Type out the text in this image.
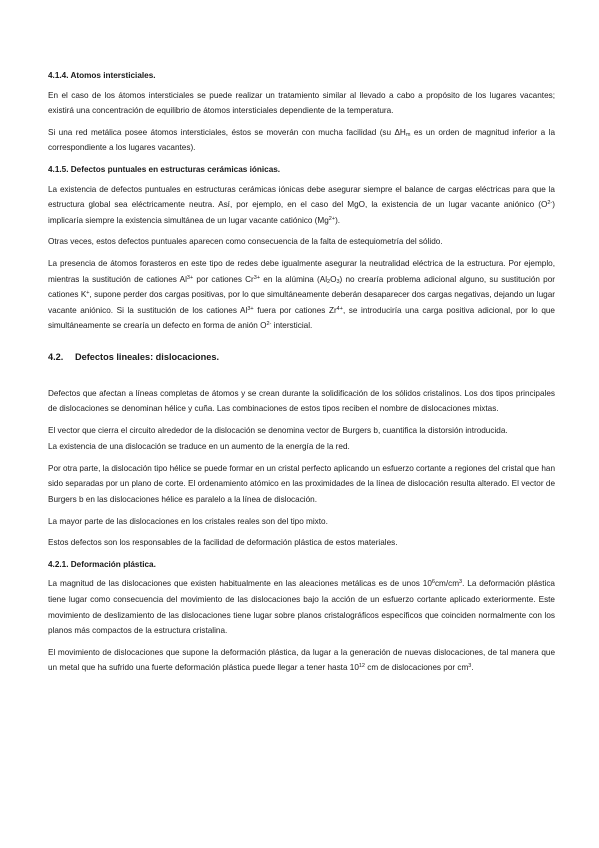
4.1.4. Atomos intersticiales.

En el caso de los átomos intersticiales se puede realizar un tratamiento similar al llevado a cabo a propósito de los lugares vacantes; existirá una concentración de equilibrio de átomos intersticiales dependiente de la temperatura.

Si una red metálica posee átomos intersticiales, éstos se moverán con mucha facilidad (su $\Delta H_m$ es un orden de magnitud inferior a la correspondiente a los lugares vacantes).

4.1.5. Defectos puntuales en estructuras cerámicas iónicas.

La existencia de defectos puntuales en estructuras cerámicas iónicas debe asegurar siempre el balance de cargas eléctricas para que la estructura global sea eléctricamente neutra. Así, por ejemplo, en el caso del MgO, la existencia de un lugar vacante aniónico $(O^{2-})$ implicaría siempre la existencia simultánea de un lugar vacante catiónico $(Mg^{2+})$.

Otras veces, estos defectos puntuales aparecen como consecuencia de la falta de estequiometría del sólido.

La presencia de átomos forasteros en este tipo de redes debe igualmente asegurar la neutralidad eléctrica de la estructura. Por ejemplo, mientras la sustitución de cationes $Al^{3+}$ por cationes $Cr^{3+}$ en la alúmina $(Al_2O_3)$ no crearía problema adicional alguno, su sustitución por cationes K+, supone perder dos cargas positivas, por lo que simultáneamente deberán desaparecer dos cargas negativas, dejando un lugar vacante aniónico. Si la sustitución de los cationes $Al^{3+}$ fuera por cationes $Zr^{4+}$, se introduciría una carga positiva adicional, por lo que simultáneamente se crearía un defecto en forma de anión $O^{2-}$ intersticial.

4.2. Defectos lineales: dislocaciones.

Defectos que afectan a líneas completas de átomos y se crean durante la solidificación de los sólidos cristalinos. Los dos tipos principales de dislocaciones se denominan hélice y cuña. Las combinaciones de estos tipos reciben el nombre de dislocaciones mixtas.

El vector que cierra el circuito alrededor de la dislocación se denomina vector de Burgers b, cuantifica la distorsión introducida.

La existencia de una dislocación se traduce en un aumento de la energía de la red.

Por otra parte, la dislocación tipo hélice se puede formar en un cristal perfecto aplicando un esfuerzo cortante a regiones del cristal que han sido separadas por un plano de corte. El ordenamiento atómico en las proximidades de la línea de dislocación resulta alterado. El vector de Burgers b en las dislocaciones hélice es paralelo a la línea de dislocación.

La mayor parte de las dislocaciones en los cristales reales son del tipo mixto.

Estos defectos son los responsables de la facilidad de deformación plástica de estos materiales.

4.2.1. Deformación plástica.

La magnitud de las dislocaciones que existen habitualmente en las aleaciones metálicas es de unos $10^6cm/cm^3$. La deformación plástica tiene lugar como consecuencia del movimiento de las dislocaciones bajo la acción de un esfuerzo cortante aplicado exteriormente. Este movimiento de deslizamiento de las dislocaciones tiene lugar sobre planos cristalográficos específicos que coinciden normalmente con los planos más compactos de la estructura cristalina.

El movimiento de dislocaciones que supone la deformación plástica, da lugar a la generación de nuevas dislocaciones, de tal manera que un metal que ha sufrido una fuerte deformación plástica puede llegar a tener hasta $10^{12}$ cm de dislocaciones por $cm^3$.
